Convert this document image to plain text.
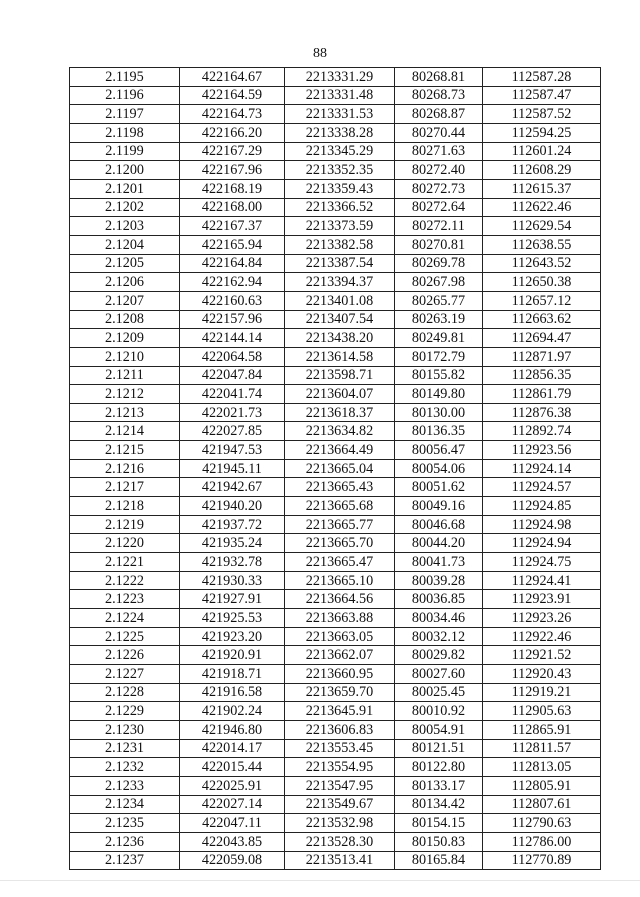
88
2.1195	422164.67	2213331.29	80268.81	112587.28
2.1196	422164.59	2213331.48	80268.73	112587.47
2.1197	422164.73	2213331.53	80268.87	112587.52
2.1198	422166.20	2213338.28	80270.44	112594.25
2.1199	422167.29	2213345.29	80271.63	112601.24
2.1200	422167.96	2213352.35	80272.40	112608.29
2.1201	422168.19	2213359.43	80272.73	112615.37
2.1202	422168.00	2213366.52	80272.64	112622.46
2.1203	422167.37	2213373.59	80272.11	112629.54
2.1204	422165.94	2213382.58	80270.81	112638.55
2.1205	422164.84	2213387.54	80269.78	112643.52
2.1206	422162.94	2213394.37	80267.98	112650.38
2.1207	422160.63	2213401.08	80265.77	112657.12
2.1208	422157.96	2213407.54	80263.19	112663.62
2.1209	422144.14	2213438.20	80249.81	112694.47
2.1210	422064.58	2213614.58	80172.79	112871.97
2.1211	422047.84	2213598.71	80155.82	112856.35
2.1212	422041.74	2213604.07	80149.80	112861.79
2.1213	422021.73	2213618.37	80130.00	112876.38
2.1214	422027.85	2213634.82	80136.35	112892.74
2.1215	421947.53	2213664.49	80056.47	112923.56
2.1216	421945.11	2213665.04	80054.06	112924.14
2.1217	421942.67	2213665.43	80051.62	112924.57
2.1218	421940.20	2213665.68	80049.16	112924.85
2.1219	421937.72	2213665.77	80046.68	112924.98
2.1220	421935.24	2213665.70	80044.20	112924.94
2.1221	421932.78	2213665.47	80041.73	112924.75
2.1222	421930.33	2213665.10	80039.28	112924.41
2.1223	421927.91	2213664.56	80036.85	112923.91
2.1224	421925.53	2213663.88	80034.46	112923.26
2.1225	421923.20	2213663.05	80032.12	112922.46
2.1226	421920.91	2213662.07	80029.82	112921.52
2.1227	421918.71	2213660.95	80027.60	112920.43
2.1228	421916.58	2213659.70	80025.45	112919.21
2.1229	421902.24	2213645.91	80010.92	112905.63
2.1230	421946.80	2213606.83	80054.91	112865.91
2.1231	422014.17	2213553.45	80121.51	112811.57
2.1232	422015.44	2213554.95	80122.80	112813.05
2.1233	422025.91	2213547.95	80133.17	112805.91
2.1234	422027.14	2213549.67	80134.42	112807.61
2.1235	422047.11	2213532.98	80154.15	112790.63
2.1236	422043.85	2213528.30	80150.83	112786.00
2.1237	422059.08	2213513.41	80165.84	112770.89
